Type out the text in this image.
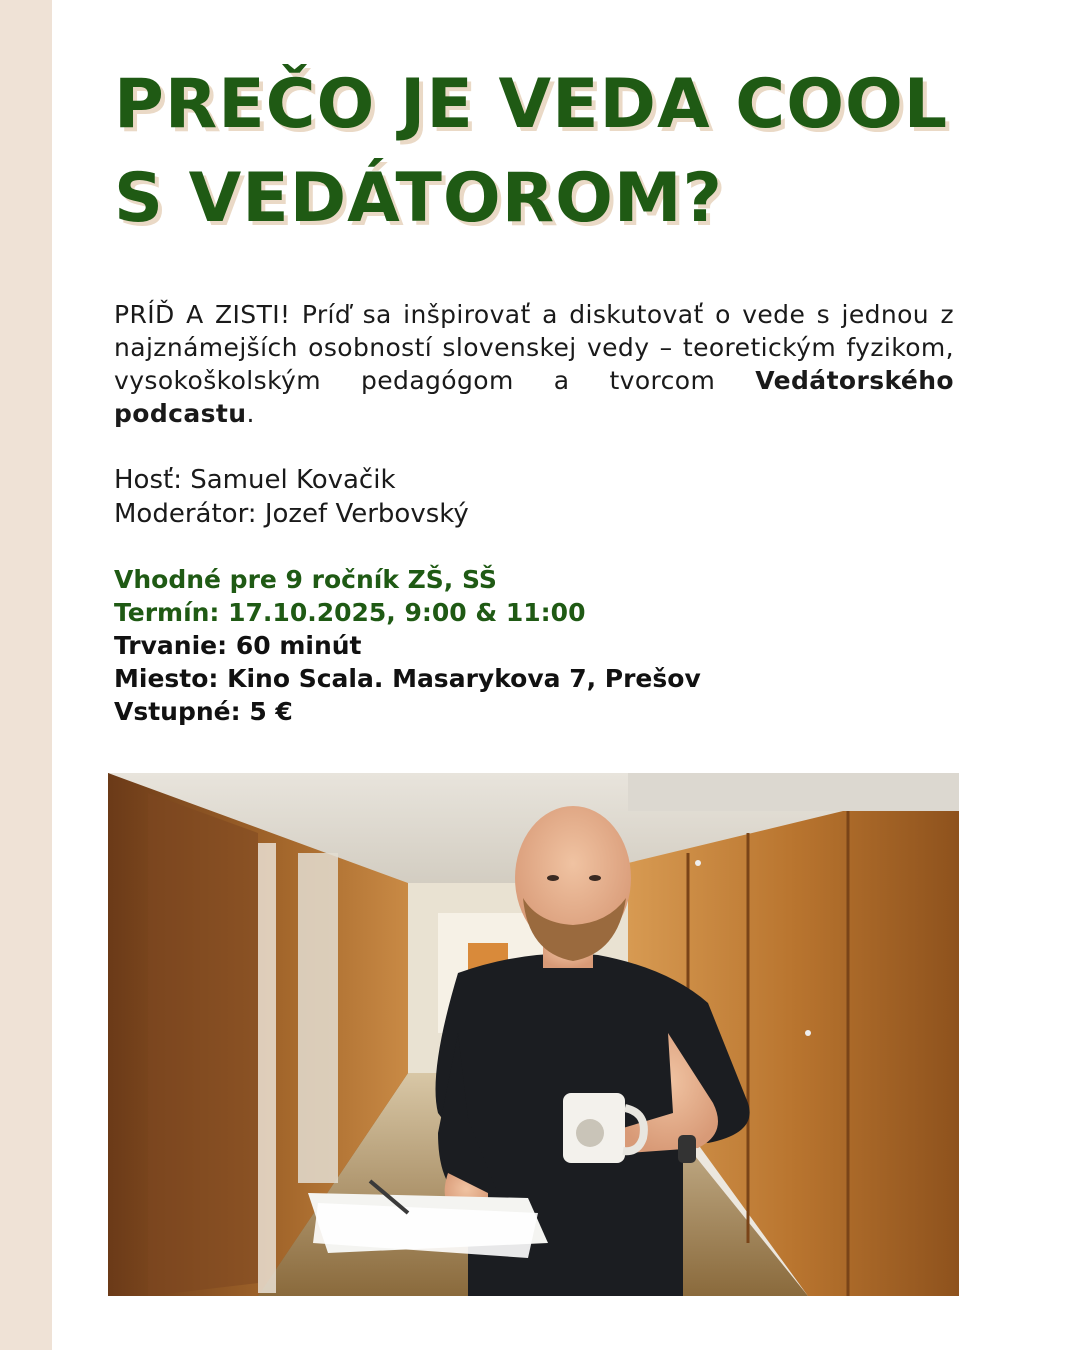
PREČO JE VEDA COOL
S VEDÁTOROM?

PRÍĎ A ZISTI! Príď sa inšpirovať a diskutovať o vede s jednou z najznámejších osobností slovenskej vedy – teoretickým fyzikom, vysokoškolským pedagógom a tvorcom Vedátorského podcastu.

Hosť: Samuel Kovačik
Moderátor: Jozef Verbovský
Vhodné pre 9 ročník ZŠ, SŠ
Termín: 17.10.2025, 9:00 & 11:00
Trvanie: 60 minút
Miesto: Kino Scala. Masarykova 7, Prešov
Vstupné: 5 €
